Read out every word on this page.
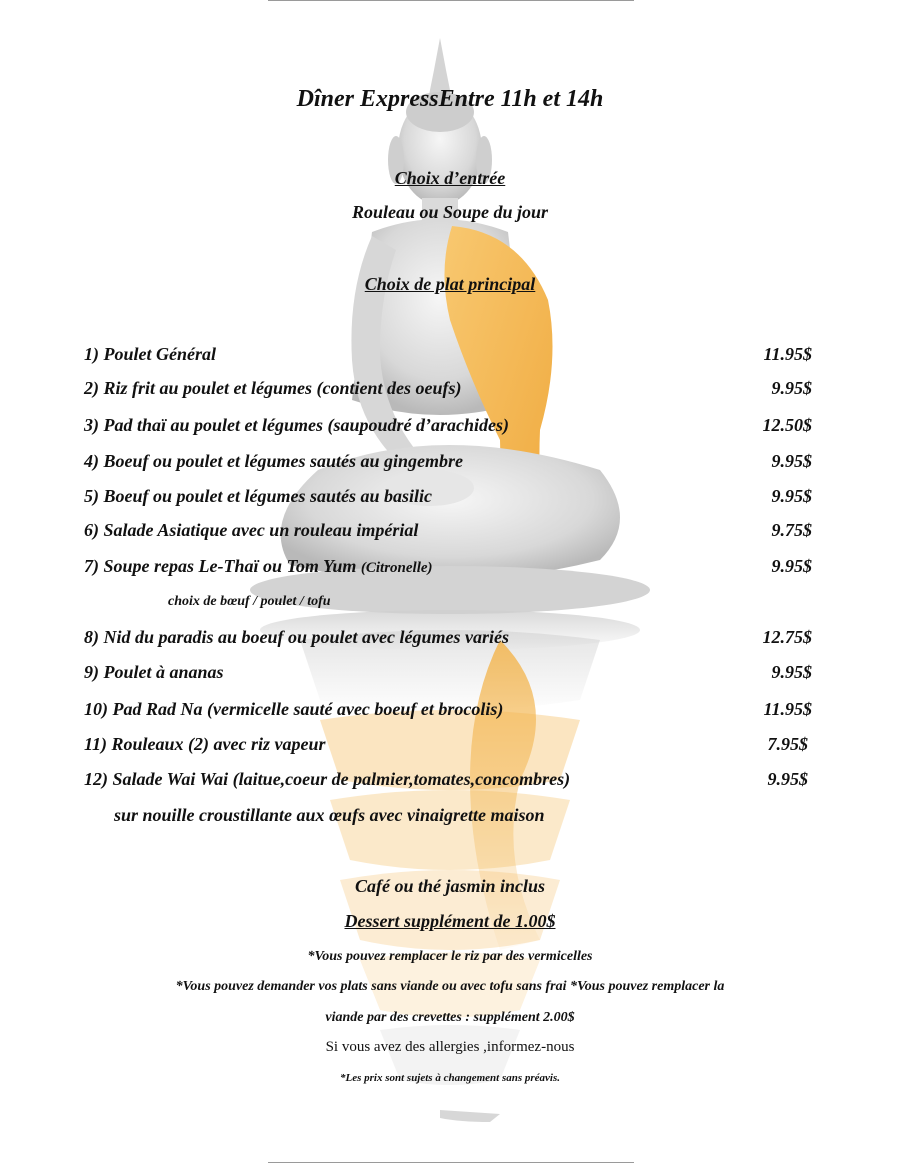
Dîner ExpressEntre 11h et 14h
Choix d’entrée
Rouleau ou Soupe du jour
Choix de plat principal
1) Poulet Général	11.95$
2) Riz frit au poulet et légumes (contient des oeufs)	9.95$
3) Pad thaï au poulet et légumes (saupoudré d’arachides)	12.50$
4) Boeuf ou poulet et légumes sautés au gingembre	9.95$
5) Boeuf ou poulet et légumes sautés au basilic	9.95$
6) Salade Asiatique avec un rouleau impérial	9.75$
7) Soupe repas Le-Thaï ou Tom Yum (Citronelle)	9.95$
choix de bœuf / poulet / tofu
8) Nid du paradis au boeuf ou poulet avec légumes variés	12.75$
9) Poulet à ananas	9.95$
10) Pad Rad Na (vermicelle sauté avec boeuf et brocolis)	11.95$
11) Rouleaux (2) avec riz vapeur	7.95$
12) Salade Wai Wai (laitue,coeur de palmier,tomates,concombres)	9.95$
sur nouille croustillante aux œufs avec vinaigrette maison
Café ou thé jasmin inclus
Dessert supplément de 1.00$
*Vous pouvez remplacer le riz par des vermicelles
*Vous pouvez demander vos plats sans viande ou avec tofu sans frai *Vous pouvez remplacer la
viande par des crevettes : supplément 2.00$
Si vous avez des allergies ,informez-nous
*Les prix sont sujets à changement sans préavis.
